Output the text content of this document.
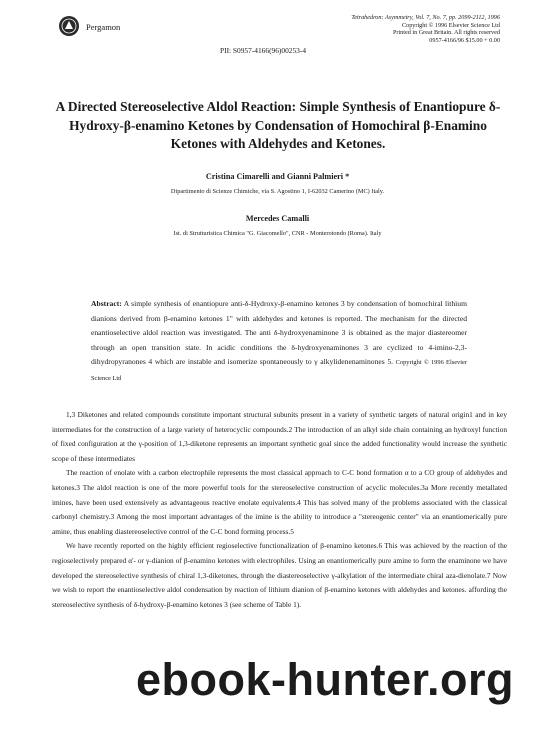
Pergamon
Tetrahedron: Asymmetry, Vol. 7, No. 7, pp. 2099-2112, 1996
Copyright © 1996 Elsevier Science Ltd
Printed in Great Britain. All rights reserved
0957-4166/96 $15.00 + 0.00
PII: S0957-4166(96)00253-4
A Directed Stereoselective Aldol Reaction: Simple Synthesis of Enantiopure δ-Hydroxy-β-enamino Ketones by Condensation of Homochiral β-Enamino Ketones with Aldehydes and Ketones.
Cristina Cimarelli and Gianni Palmieri *
Dipartimento di Scienze Chimiche, via S. Agostino 1, I-62032 Camerino (MC) Italy.
Mercedes Camalli
Ist. di Strutturistica Chimica "G. Giacomello", CNR - Monterotondo (Roma). Italy
Abstract: A simple synthesis of enantiopure anti-δ-Hydroxy-β-enamino ketones 3 by condensation of homochiral lithium dianions derived from β-enamino ketones 1" with aldehydes and ketones is reported. The mechanism for the directed enantioselective aldol reaction was investigated. The anti δ-hydroxyenaminone 3 is obtained as the major diastereomer through an open transition state. In acidic conditions the δ-hydroxyenaminones 3 are cyclized to 4-imino-2,3-dihydropyranones 4 which are instable and isomerize spontaneously to γ alkylidenenaminones 5. Copyright © 1996 Elsevier Science Ltd

1,3 Diketones and related compounds constitute important structural subunits present in a variety of synthetic targets of natural origin1 and in key intermediates for the construction of a large variety of heterocyclic compounds.2 The introduction of an alkyl side chain containing an hydroxyl function of fixed configuration at the γ-position of 1,3-diketone represents an important synthetic goal since the added functionality would increase the synthetic scope of these intermediates

The reaction of enolate with a carbon electrophile represents the most classical approach to C-C bond formation α to a CO group of aldehydes and ketones.3 The aldol reaction is one of the more powerful tools for the stereoselective construction of acyclic molecules.3a More recently metallated imines, have been used extensively as advantageous reactive enolate equivalents.4 This has solved many of the problems associated with the classical carbonyl chemistry.3 Among the most important advantages of the imine is the ability to introduce a "stereogenic center" via an enantiomerically pure amine, thus enabling diastereoselective control of the C-C bond forming process.5

We have recently reported on the highly efficient regioselective functionalization of β-enamino ketones.6 This was achieved by the reaction of the regioselectively prepared α'- or γ-dianion of β-enamino ketones with electrophiles. Using an enantiomerically pure amine to form the enaminone we have developed the stereoselective synthesis of chiral 1,3-diketones, through the diastereoselective γ-alkylation of the intermediate chiral aza-dienolate.7 Now we wish to report the enantioselective aldol condensation by reaction of lithium dianion of β-enamino ketones with aldehydes and ketones. affording the stereoselective synthesis of δ-hydroxy-β-enamino ketones 3 (see scheme of Table 1).

ebook-hunter.org
